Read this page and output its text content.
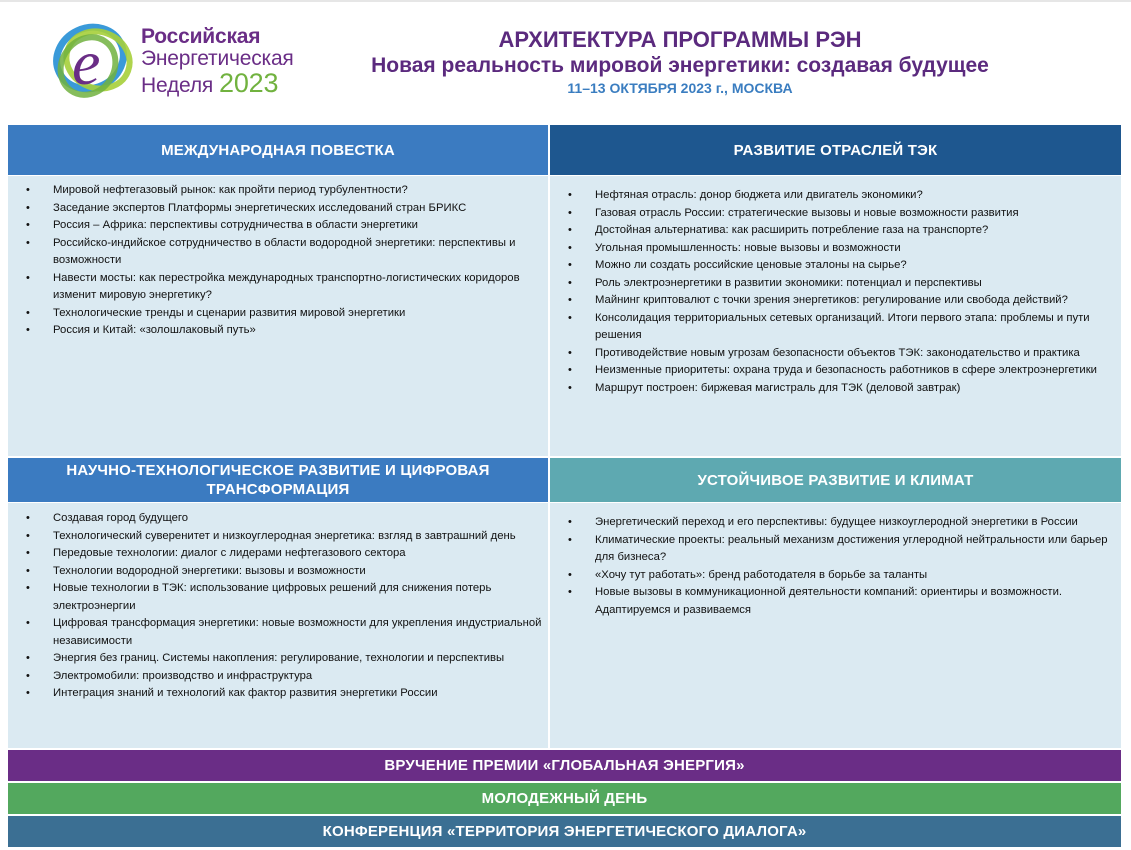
e Российская
Энергетическая
Неделя 2023
АРХИТЕКТУРА ПРОГРАММЫ РЭН
Новая реальность мировой энергетики: создавая будущее
11–13 ОКТЯБРЯ 2023 г., МОСКВА
МЕЖДУНАРОДНАЯ ПОВЕСТКА
• Мировой нефтегазовый рынок: как пройти период турбулентности?
• Заседание экспертов Платформы энергетических исследований стран БРИКС
• Россия – Африка: перспективы сотрудничества в области энергетики
• Российско-индийское сотрудничество в области водородной энергетики: перспективы и возможности
• Навести мосты: как перестройка международных транспортно-логистических коридоров изменит мировую энергетику?
• Технологические тренды и сценарии развития мировой энергетики
• Россия и Китай: «золошлаковый путь»
РАЗВИТИЕ ОТРАСЛЕЙ ТЭК
• Нефтяная отрасль: донор бюджета или двигатель экономики?
• Газовая отрасль России: стратегические вызовы и новые возможности развития
• Достойная альтернатива: как расширить потребление газа на транспорте?
• Угольная промышленность: новые вызовы и возможности
• Можно ли создать российские ценовые эталоны на сырье?
• Роль электроэнергетики в развитии экономики: потенциал и перспективы
• Майнинг криптовалют с точки зрения энергетиков: регулирование или свобода действий?
• Консолидация территориальных сетевых организаций. Итоги первого этапа: проблемы и пути решения
• Противодействие новым угрозам безопасности объектов ТЭК: законодательство и практика
• Неизменные приоритеты: охрана труда и безопасность работников в сфере электроэнергетики
• Маршрут построен: биржевая магистраль для ТЭК (деловой завтрак)
НАУЧНО-ТЕХНОЛОГИЧЕСКОЕ РАЗВИТИЕ И ЦИФРОВАЯ ТРАНСФОРМАЦИЯ
• Создавая город будущего
• Технологический суверенитет и низкоуглеродная энергетика: взгляд в завтрашний день
• Передовые технологии: диалог с лидерами нефтегазового сектора
• Технологии водородной энергетики: вызовы и возможности
• Новые технологии в ТЭК: использование цифровых решений для снижения потерь электроэнергии
• Цифровая трансформация энергетики: новые возможности для укрепления индустриальной независимости
• Энергия без границ. Системы накопления: регулирование, технологии и перспективы
• Электромобили: производство и инфраструктура
• Интеграция знаний и технологий как фактор развития энергетики России
УСТОЙЧИВОЕ РАЗВИТИЕ И КЛИМАТ
• Энергетический переход и его перспективы: будущее низкоуглеродной энергетики в России
• Климатические проекты: реальный механизм достижения углеродной нейтральности или барьер для бизнеса?
• «Хочу тут работать»: бренд работодателя в борьбе за таланты
• Новые вызовы в коммуникационной деятельности компаний: ориентиры и возможности. Адаптируемся и развиваемся
ВРУЧЕНИЕ ПРЕМИИ «ГЛОБАЛЬНАЯ ЭНЕРГИЯ»
МОЛОДЕЖНЫЙ ДЕНЬ
КОНФЕРЕНЦИЯ «ТЕРРИТОРИЯ ЭНЕРГЕТИЧЕСКОГО ДИАЛОГА»
